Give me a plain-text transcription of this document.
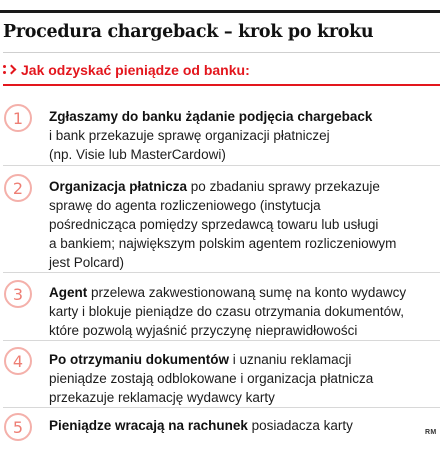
Procedura chargeback – krok po kroku
Jak odzyskać pieniądze od banku:
1	Zgłaszamy do banku żądanie podjęcia chargeback
i bank przekazuje sprawę organizacji płatniczej
(np. Visie lub MasterCardowi)
2	Organizacja płatnicza po zbadaniu sprawy przekazuje
sprawę do agenta rozliczeniowego (instytucja
pośrednicząca pomiędzy sprzedawcą towaru lub usługi
a bankiem; największym polskim agentem rozliczeniowym
jest Polcard)
3	Agent przelewa zakwestionowaną sumę na konto wydawcy
karty i blokuje pieniądze do czasu otrzymania dokumentów,
które pozwolą wyjaśnić przyczynę nieprawidłowości
4	Po otrzymaniu dokumentów i uznaniu reklamacji
pieniądze zostają odblokowane i organizacja płatnicza
przekazuje reklamację wydawcy karty
5	Pieniądze wracają na rachunek posiadacza karty	RM
